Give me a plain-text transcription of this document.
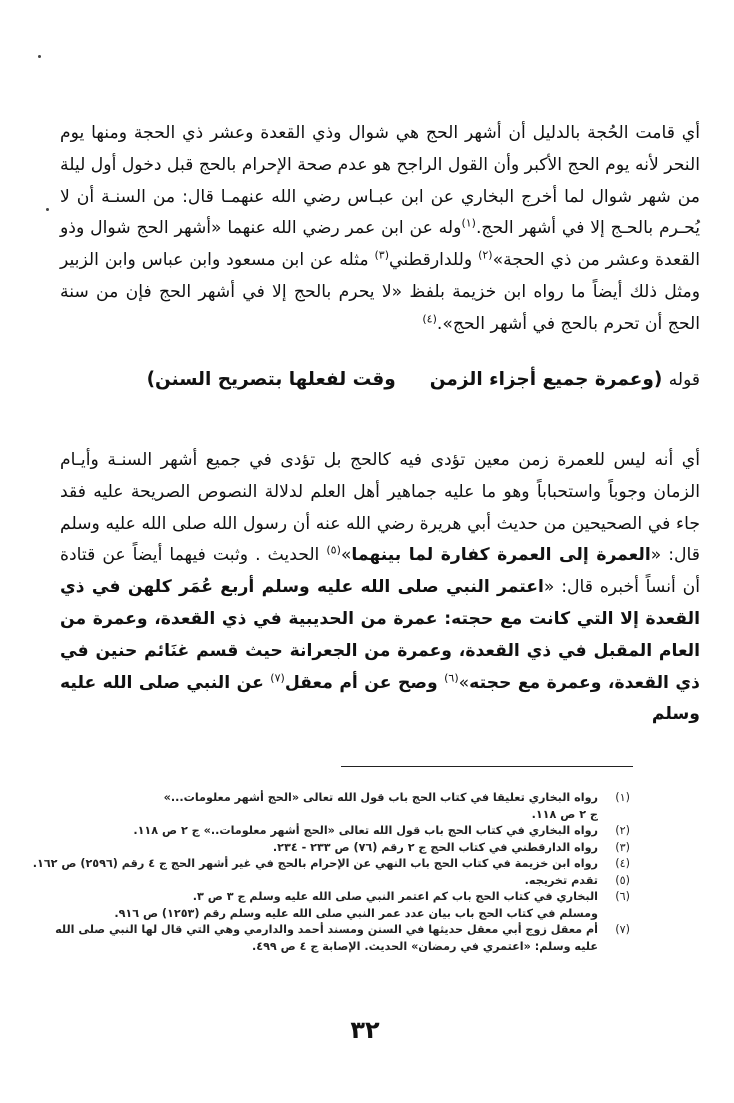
أي قامت الحُجة بالدليل أن أشهر الحج هي شوال وذي القعدة وعشر ذي الحجة ومنها يوم النحر لأنه يوم الحج الأكبر وأن القول الراجح هو عدم صحة الإحرام بالحج قبل دخول أول ليلة من شهر شوال لما أخرج البخاري عن ابن عبـاس رضي الله عنهمـا قال: من السنـة أن لا يُحـرم بالحـج إلا في أشهر الحج.$^{(١)}$وله عن ابن عمر رضي الله عنهما «أشهر الحج شوال وذو القعدة وعشر من ذي الحجة»$^{(٢)}$ وللدارقطني$^{(٣)}$ مثله عن ابن مسعود وابن عباس وابن الزبير ومثل ذلك أيضاً ما رواه ابن خزيمة بلفظ «لا يحرم بالحج إلا في أشهر الحج فإن من سنة الحج أن تحرم بالحج في أشهر الحج».$^{(٤)}$

قوله (وعمرة جميع أجزاء الزمنوقت لفعلها بتصريح السنن)

أي أنه ليس للعمرة زمن معين تؤدى فيه كالحج بل تؤدى في جميع أشهر السنـة وأيـام الزمان وجوباً واستحباباً وهو ما عليه جماهير أهل العلم لدلالة النصوص الصريحة عليه فقد جاء في الصحيحين من حديث أبي هريرة رضي الله عنه أن رسول الله صلى الله عليه وسلم قال: «العمرة إلى العمرة كفارة لما بينهما»$^{(٥)}$ الحديث . وثبت فيهما أيضاً عن قتادة أن أنساً أخبره قال: «اعتمر النبي صلى الله عليه وسلم أربع عُمَر كلهن في ذي القعدة إلا التي كانت مع حجته: عمرة من الحديبية في ذي القعدة، وعمرة من العام المقبل في ذي القعدة، وعمرة من الجعرانة حيث قسم غنَائم حنين في ذي القعدة، وعمرة مع حجته»$^{(٦)}$ وصح عن أم معقل$^{(٧)}$ عن النبي صلى الله عليه وسلم

(١)
رواه البخاري تعليقا في كتاب الحج باب قول الله تعالى «الحج أشهر معلومات...»
ج ٢ ص ١١٨.
(٢)
رواه البخاري في كتاب الحج باب قول الله تعالى «الحج أشهر معلومات..» ج ٢ ص ١١٨.
(٣)
رواه الدارقطني في كتاب الحج ج ٢ رقم (٧٦) ص ٢٣٣ - ٢٣٤.
(٤)
رواه ابن خزيمة في كتاب الحج باب النهي عن الإحرام بالحج في غير أشهر الحج ج ٤ رقم (٢٥٩٦) ص ١٦٢.
(٥)
تقدم تخريجه.
(٦)
البخاري في كتاب الحج باب كم اعتمر النبي صلى الله عليه وسلم ج ٣ ص ٣.
ومسلم في كتاب الحج باب بيان عدد عمر النبي صلى الله عليه وسلم رقم (١٢٥٣) ص ٩١٦.
(٧)
أم معقل زوج أبي معقل حديثها في السنن ومسند أحمد والدارمي وهي التي قال لها النبي صلى الله عليه وسلم: «اعتمري في رمضان» الحديث. الإصابة ج ٤ ص ٤٩٩.
٣٢
